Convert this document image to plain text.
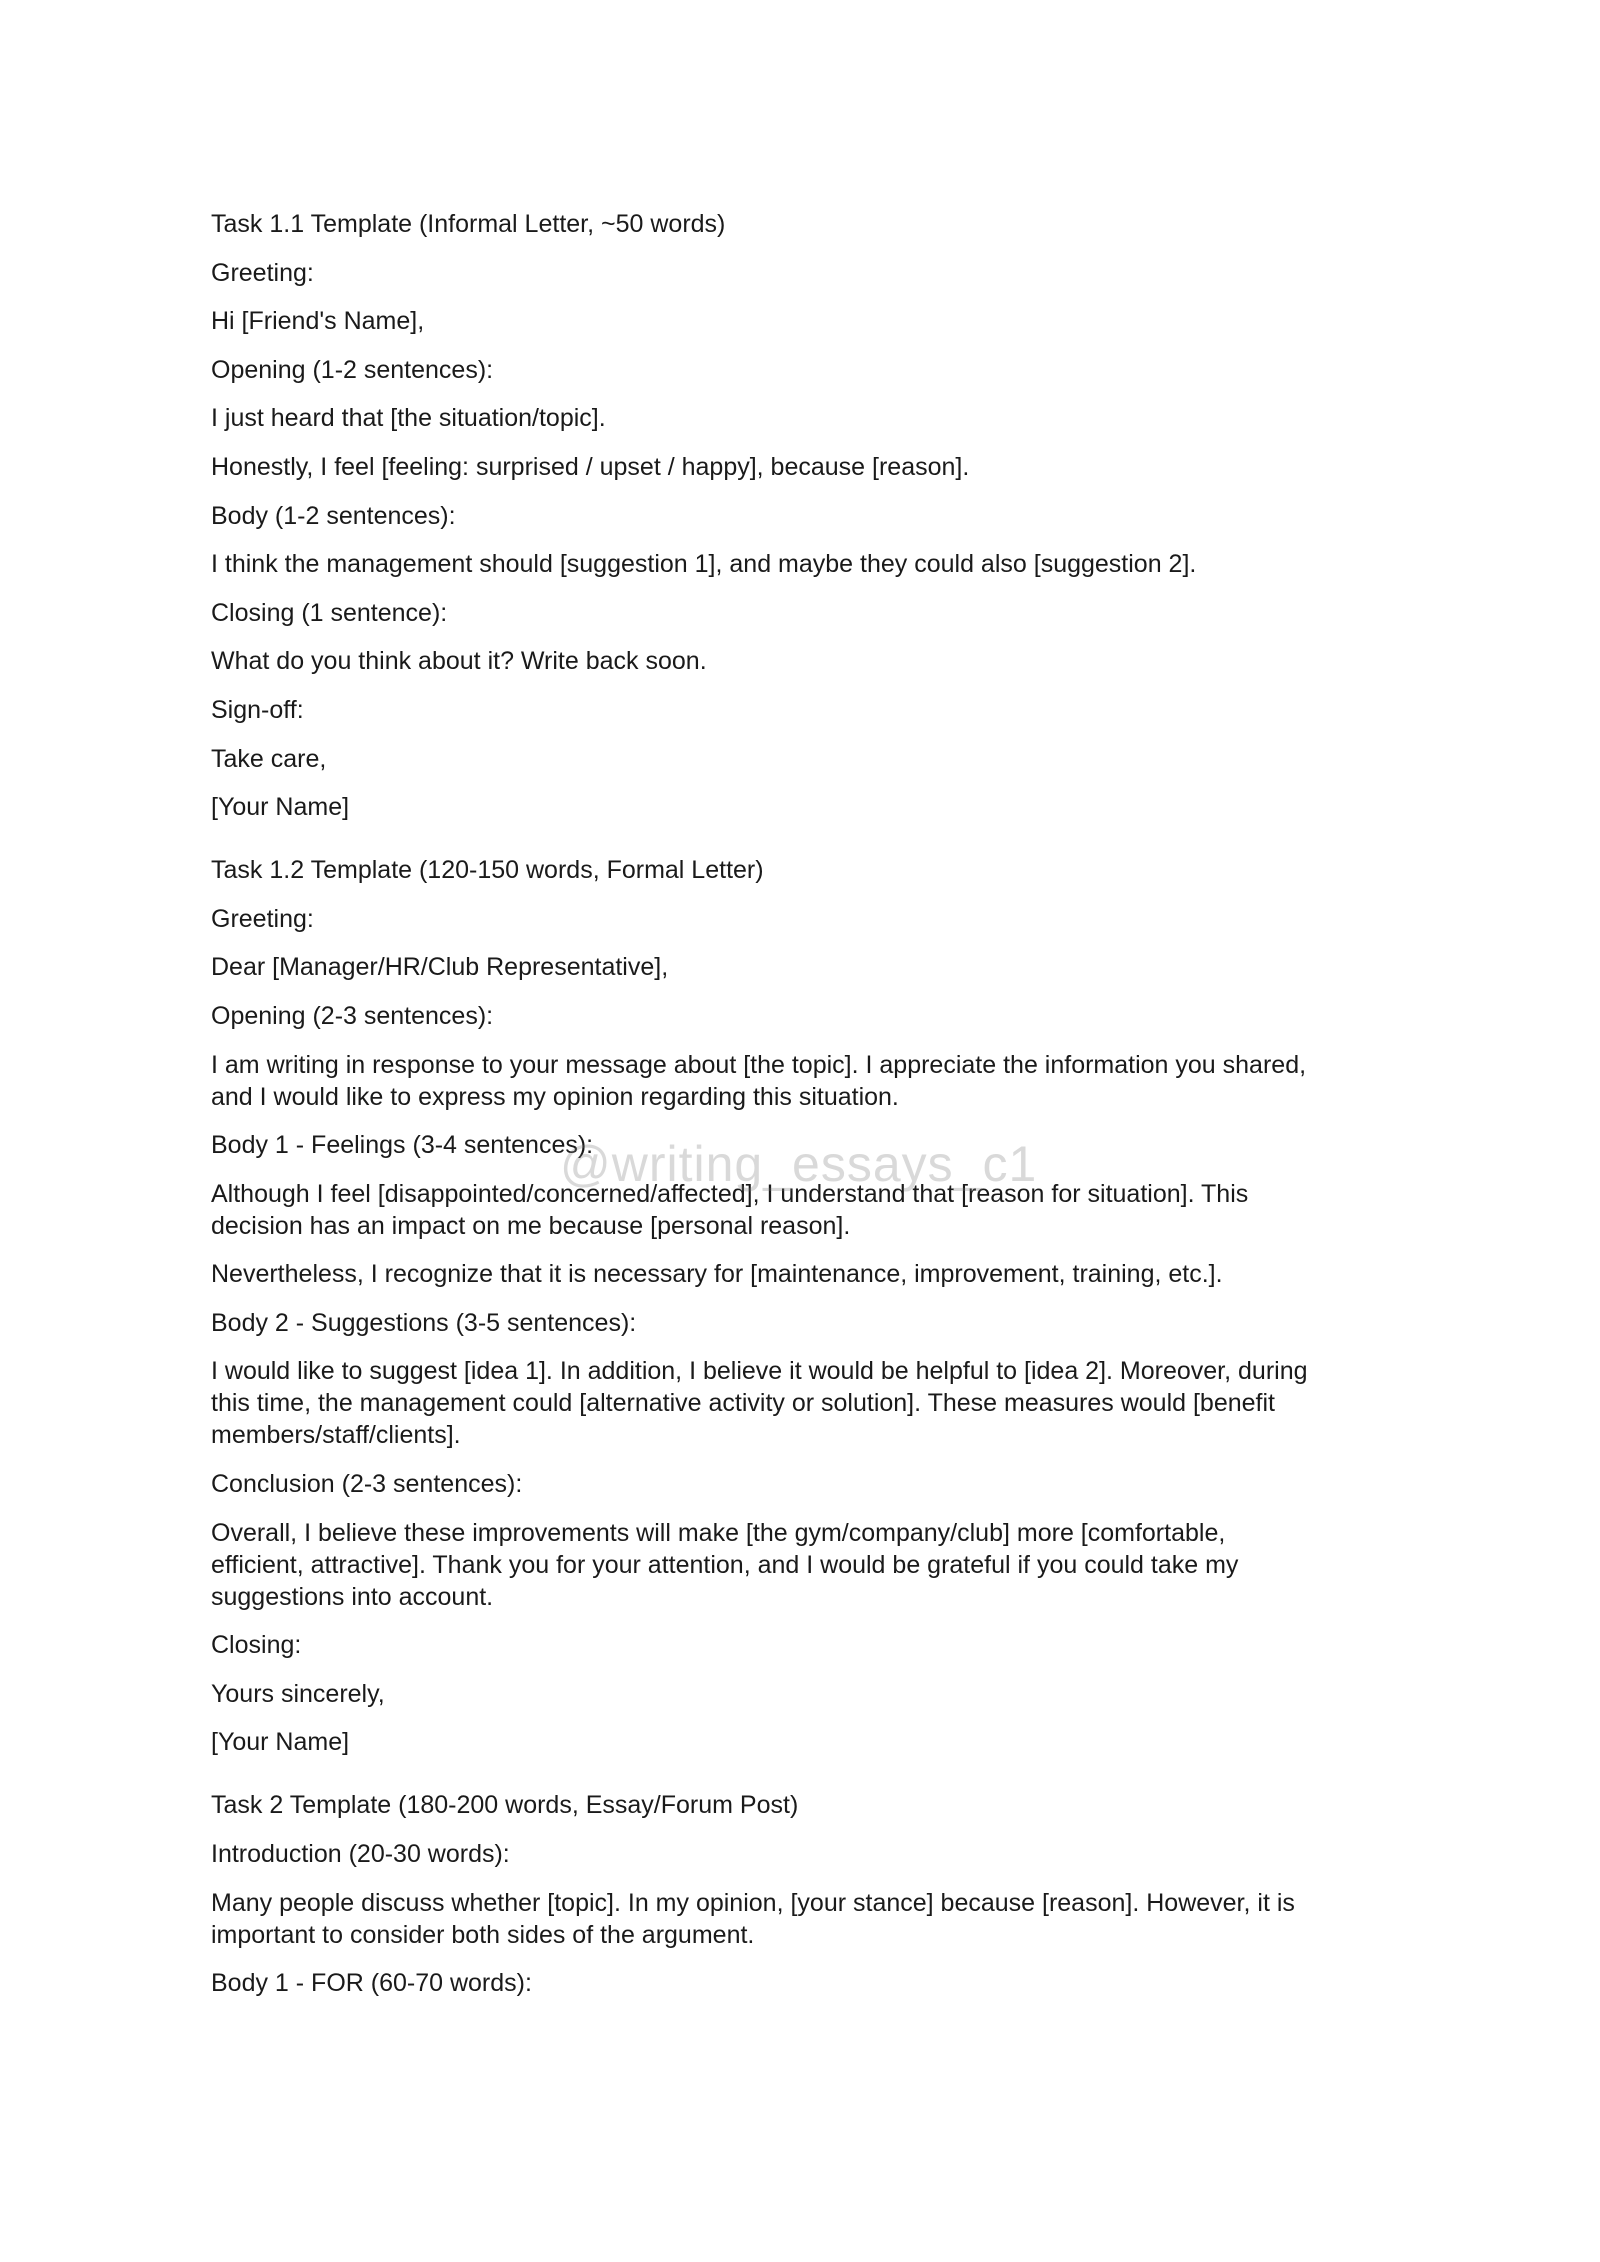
Task 1.1 Template (Informal Letter, ~50 words)

Greeting:

Hi [Friend's Name],

Opening (1-2 sentences):

I just heard that [the situation/topic].

Honestly, I feel [feeling: surprised / upset / happy], because [reason].

Body (1-2 sentences):

I think the management should [suggestion 1], and maybe they could also [suggestion 2].

Closing (1 sentence):

What do you think about it? Write back soon.

Sign-off:

Take care,

[Your Name]

Task 1.2 Template (120-150 words, Formal Letter)

Greeting:

Dear [Manager/HR/Club Representative],

Opening (2-3 sentences):

I am writing in response to your message about [the topic]. I appreciate the information you shared,
and I would like to express my opinion regarding this situation.

Body 1 - Feelings (3-4 sentences):

Although I feel [disappointed/concerned/affected], I understand that [reason for situation]. This
decision has an impact on me because [personal reason].

Nevertheless, I recognize that it is necessary for [maintenance, improvement, training, etc.].

Body 2 - Suggestions (3-5 sentences):

I would like to suggest [idea 1]. In addition, I believe it would be helpful to [idea 2]. Moreover, during
this time, the management could [alternative activity or solution]. These measures would [benefit
members/staff/clients].

Conclusion (2-3 sentences):

Overall, I believe these improvements will make [the gym/company/club] more [comfortable,
efficient, attractive]. Thank you for your attention, and I would be grateful if you could take my
suggestions into account.

Closing:

Yours sincerely,

[Your Name]

Task 2 Template (180-200 words, Essay/Forum Post)

Introduction (20-30 words):

Many people discuss whether [topic]. In my opinion, [your stance] because [reason]. However, it is
important to consider both sides of the argument.

Body 1 - FOR (60-70 words):

@writing_essays_c1
